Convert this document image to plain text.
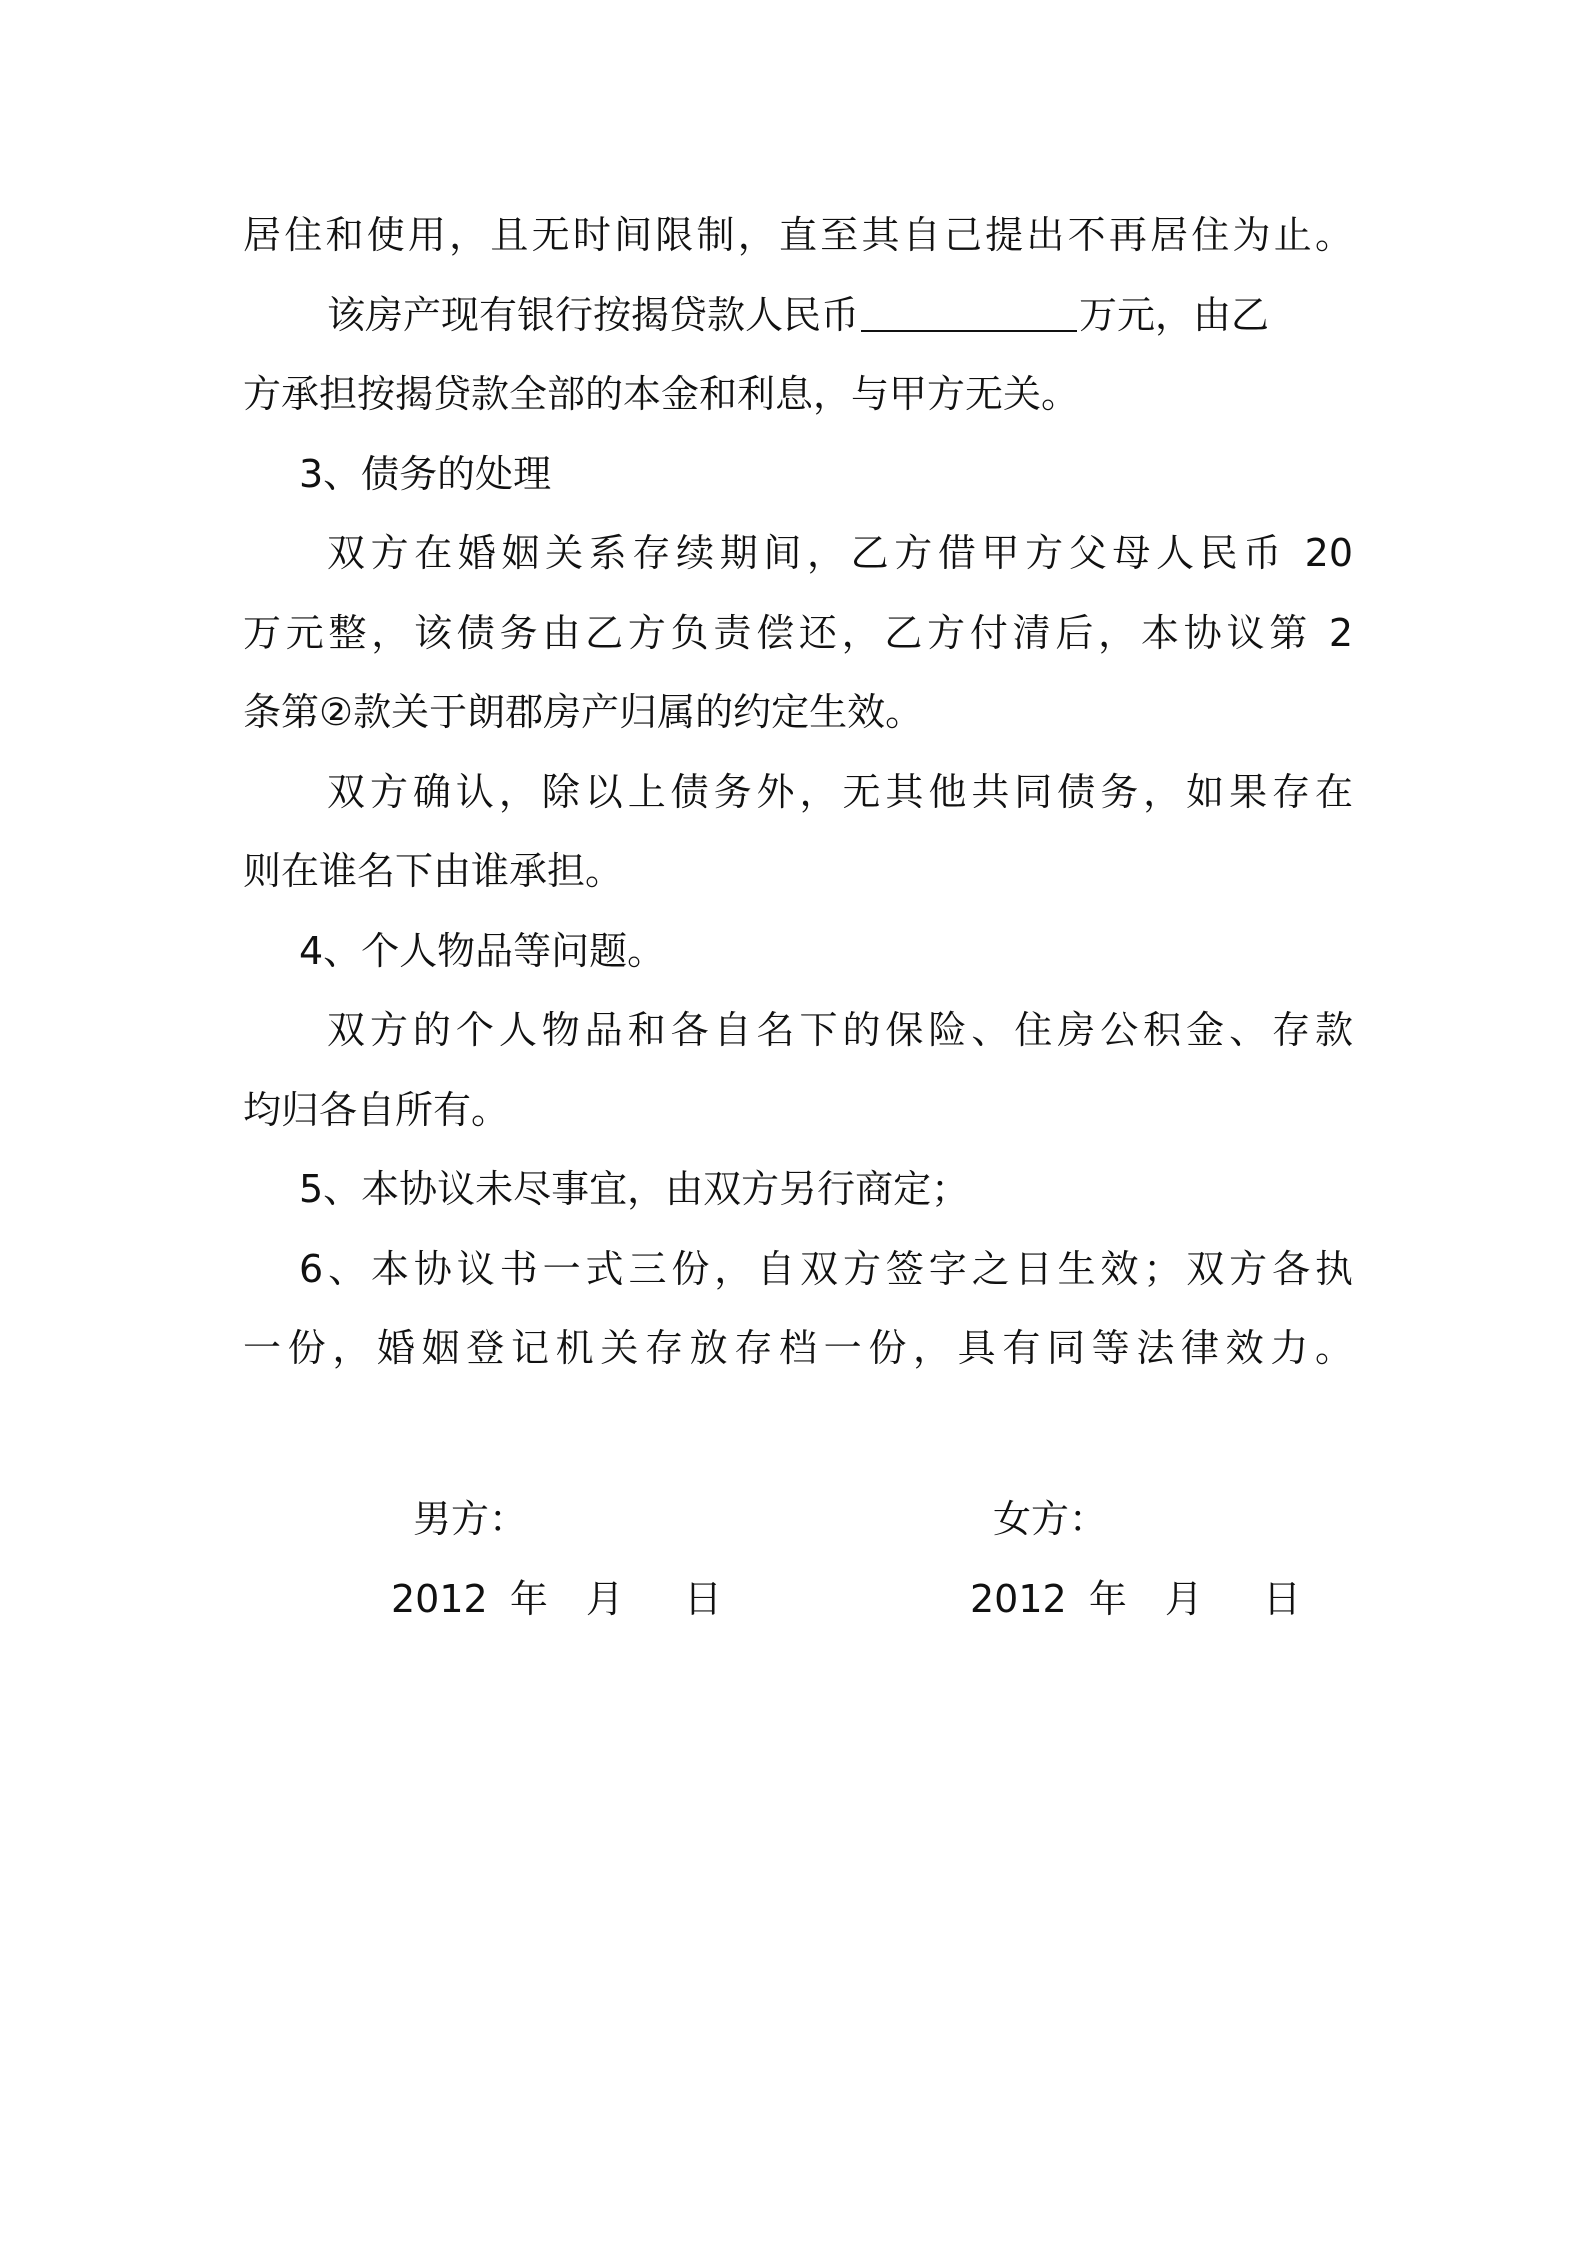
居住和使用，且无时间限制，直至其自己提出不再居住为止。
该房产现有银行按揭贷款人民币	万元，由乙
方承担按揭贷款全部的本金和利息，与甲方无关。
3、债务的处理
双方在婚姻关系存续期间，乙方借甲方父母人民币 20
万元整，该债务由乙方负责偿还，乙方付清后，本协议第 2
条第②款关于朗郡房产归属的约定生效。
双方确认，除以上债务外，无其他共同债务，如果存在
则在谁名下由谁承担。
4、个人物品等问题。
双方的个人物品和各自名下的保险、住房公积金、存款
均归各自所有。
5、本协议未尽事宜，由双方另行商定；
6、本协议书一式三份，自双方签字之日生效；双方各执
一份，婚姻登记机关存放存档一份，具有同等法律效力。
男方：	女方：
2012 年 月 日	2012 年 月 日
